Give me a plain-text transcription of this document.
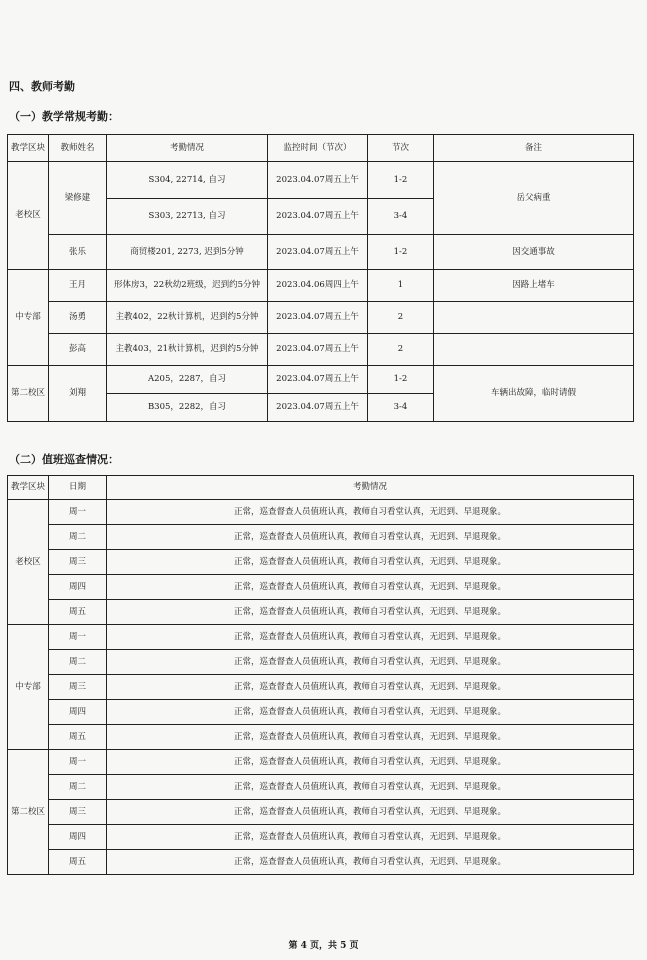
四、教师考勤
（一）教学常规考勤：
教学区块	教师姓名	考勤情况	监控时间（节次）	节次	备注
老校区	梁修建	S304, 22714, 自习	2023.04.07周五上午	1-2	岳父病重
		S303, 22713, 自习	2023.04.07周五上午	3-4	
	张乐	商贸楼201, 2273, 迟到5分钟	2023.04.07周五上午	1-2	因交通事故
中专部	王月	形体房3，22秋幼2班级，迟到约5分钟	2023.04.06周四上午	1	因路上堵车
	汤勇	主教402，22秋计算机，迟到约5分钟	2023.04.07周五上午	2	
	彭高	主教403，21秋计算机，迟到约5分钟	2023.04.07周五上午	2	
第二校区	刘翔	A205，2287，自习	2023.04.07周五上午	1-2	车辆出故障，临时请假
		B305，2282，自习	2023.04.07周五上午	3-4	
（二）值班巡查情况：
教学区块	日期	考勤情况
老校区	周一	正常，巡查督查人员值班认真，教师自习看堂认真，无迟到、早退现象。
	周二	正常，巡查督查人员值班认真，教师自习看堂认真，无迟到、早退现象。
	周三	正常，巡查督查人员值班认真，教师自习看堂认真，无迟到、早退现象。
	周四	正常，巡查督查人员值班认真，教师自习看堂认真，无迟到、早退现象。
	周五	正常，巡查督查人员值班认真，教师自习看堂认真，无迟到、早退现象。
中专部	周一	正常，巡查督查人员值班认真，教师自习看堂认真，无迟到、早退现象。
	周二	正常，巡查督查人员值班认真，教师自习看堂认真，无迟到、早退现象。
	周三	正常，巡查督查人员值班认真，教师自习看堂认真，无迟到、早退现象。
	周四	正常，巡查督查人员值班认真，教师自习看堂认真，无迟到、早退现象。
	周五	正常，巡查督查人员值班认真，教师自习看堂认真，无迟到、早退现象。
第二校区	周一	正常，巡查督查人员值班认真，教师自习看堂认真，无迟到、早退现象。
	周二	正常，巡查督查人员值班认真，教师自习看堂认真，无迟到、早退现象。
	周三	正常，巡查督查人员值班认真，教师自习看堂认真，无迟到、早退现象。
	周四	正常，巡查督查人员值班认真，教师自习看堂认真，无迟到、早退现象。
	周五	正常，巡查督查人员值班认真，教师自习看堂认真，无迟到、早退现象。
第 4 页，共 5 页
